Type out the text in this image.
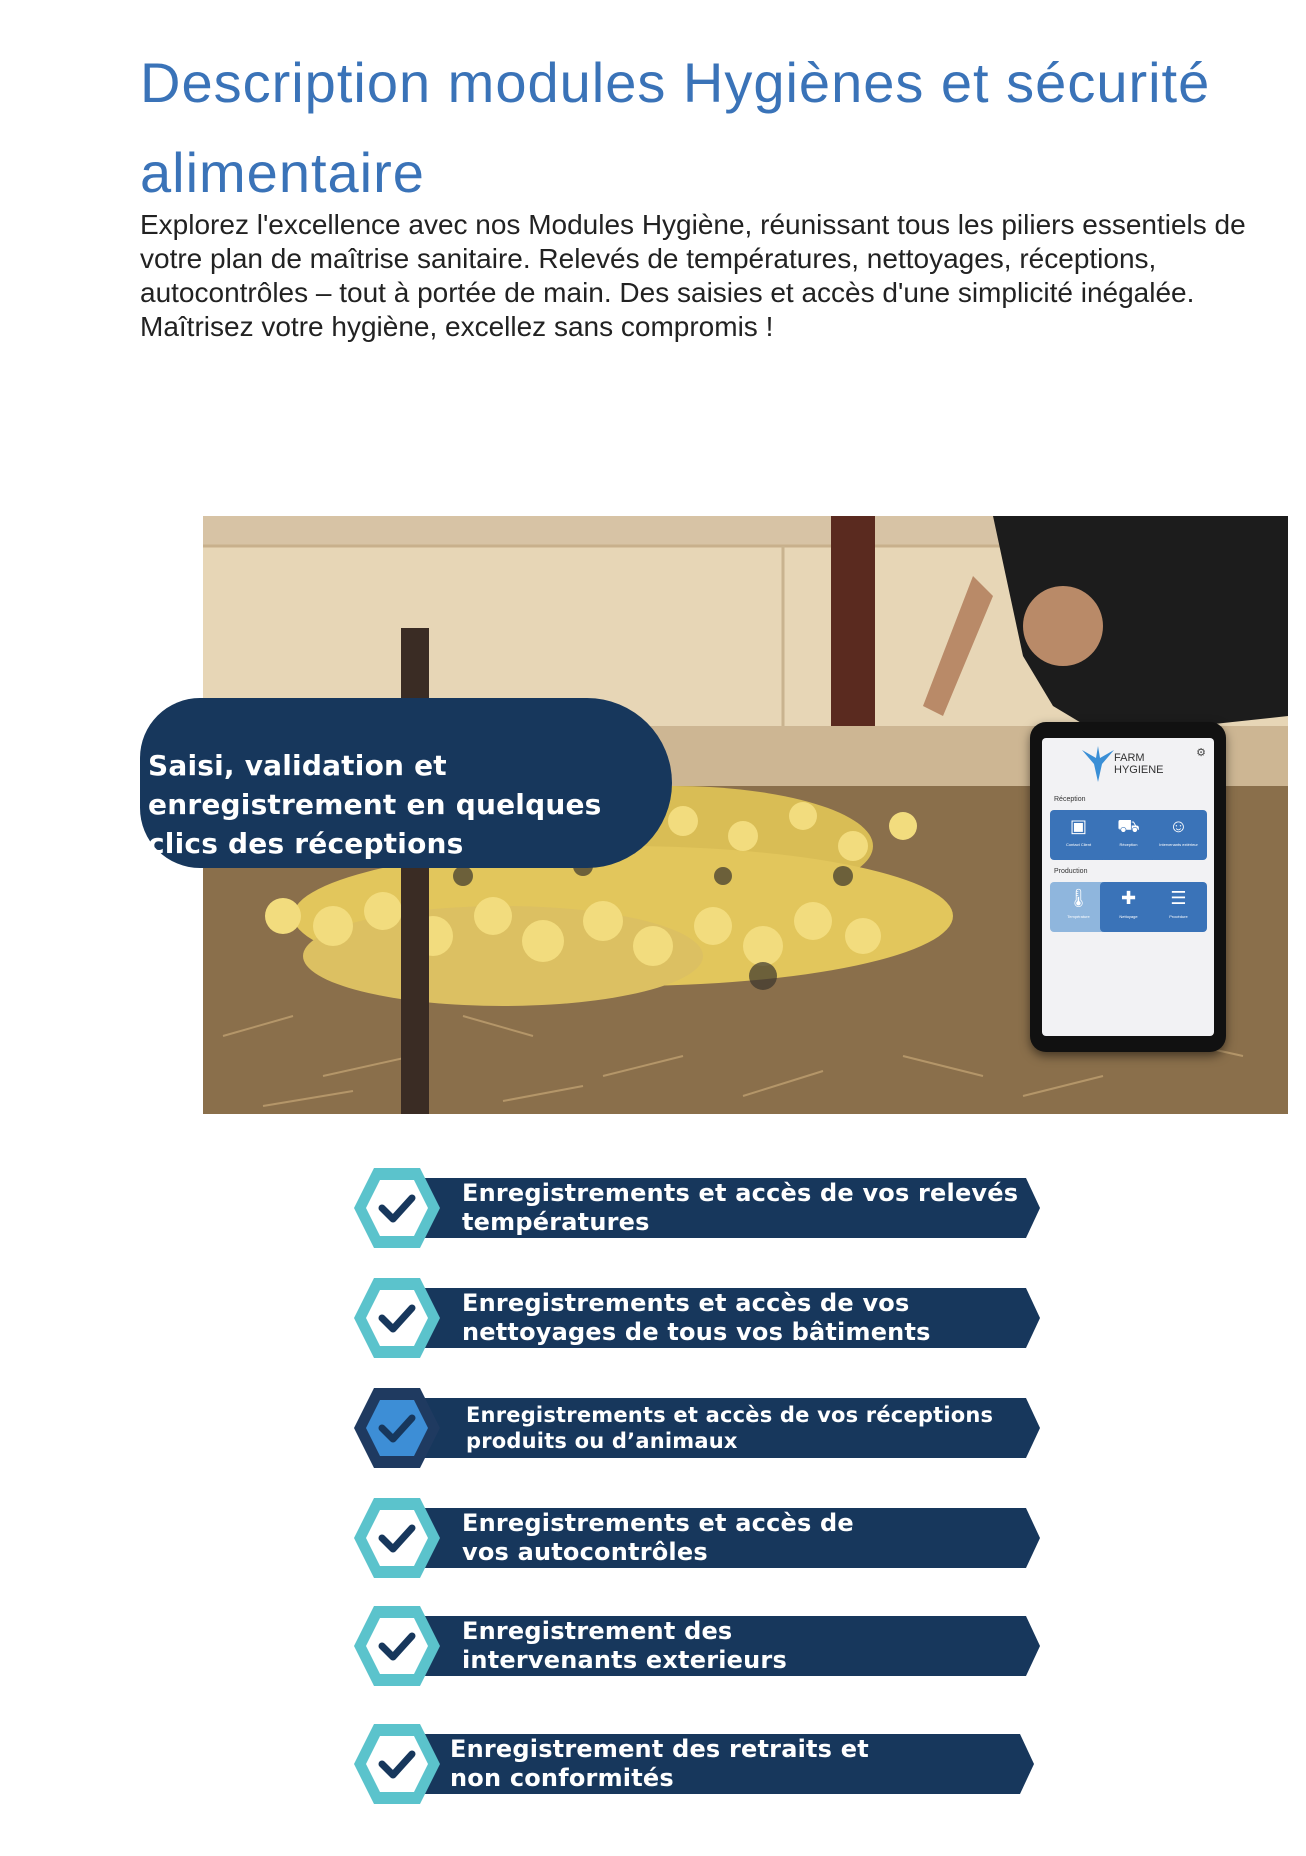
Description modules Hygiènes et sécurité alimentaire

Explorez l'excellence avec nos Modules Hygiène, réunissant tous les piliers essentiels de votre plan de maîtrise sanitaire. Relevés de températures, nettoyages, réceptions, autocontrôles – tout à portée de main. Des saisies et accès d'une simplicité inégalée. Maîtrisez votre hygiène, excellez sans compromis !

FARM
HYGIENE
⚙
Réception
▣
Contact Client
⛟
Réception
☺
Intervenants extérieur
Production
🌡
Température
✚
Nettoyage
☰
Procédure
Saisi, validation et enregistrement en quelques clics des réceptions
Enregistrements et accès de vos relevés températures
Enregistrements et accès de vos nettoyages de tous vos bâtiments
Enregistrements et accès de vos réceptions produits ou d’animaux
Enregistrements et accès de vos autocontrôles
Enregistrement des intervenants exterieurs
Enregistrement des retraits et non conformités
